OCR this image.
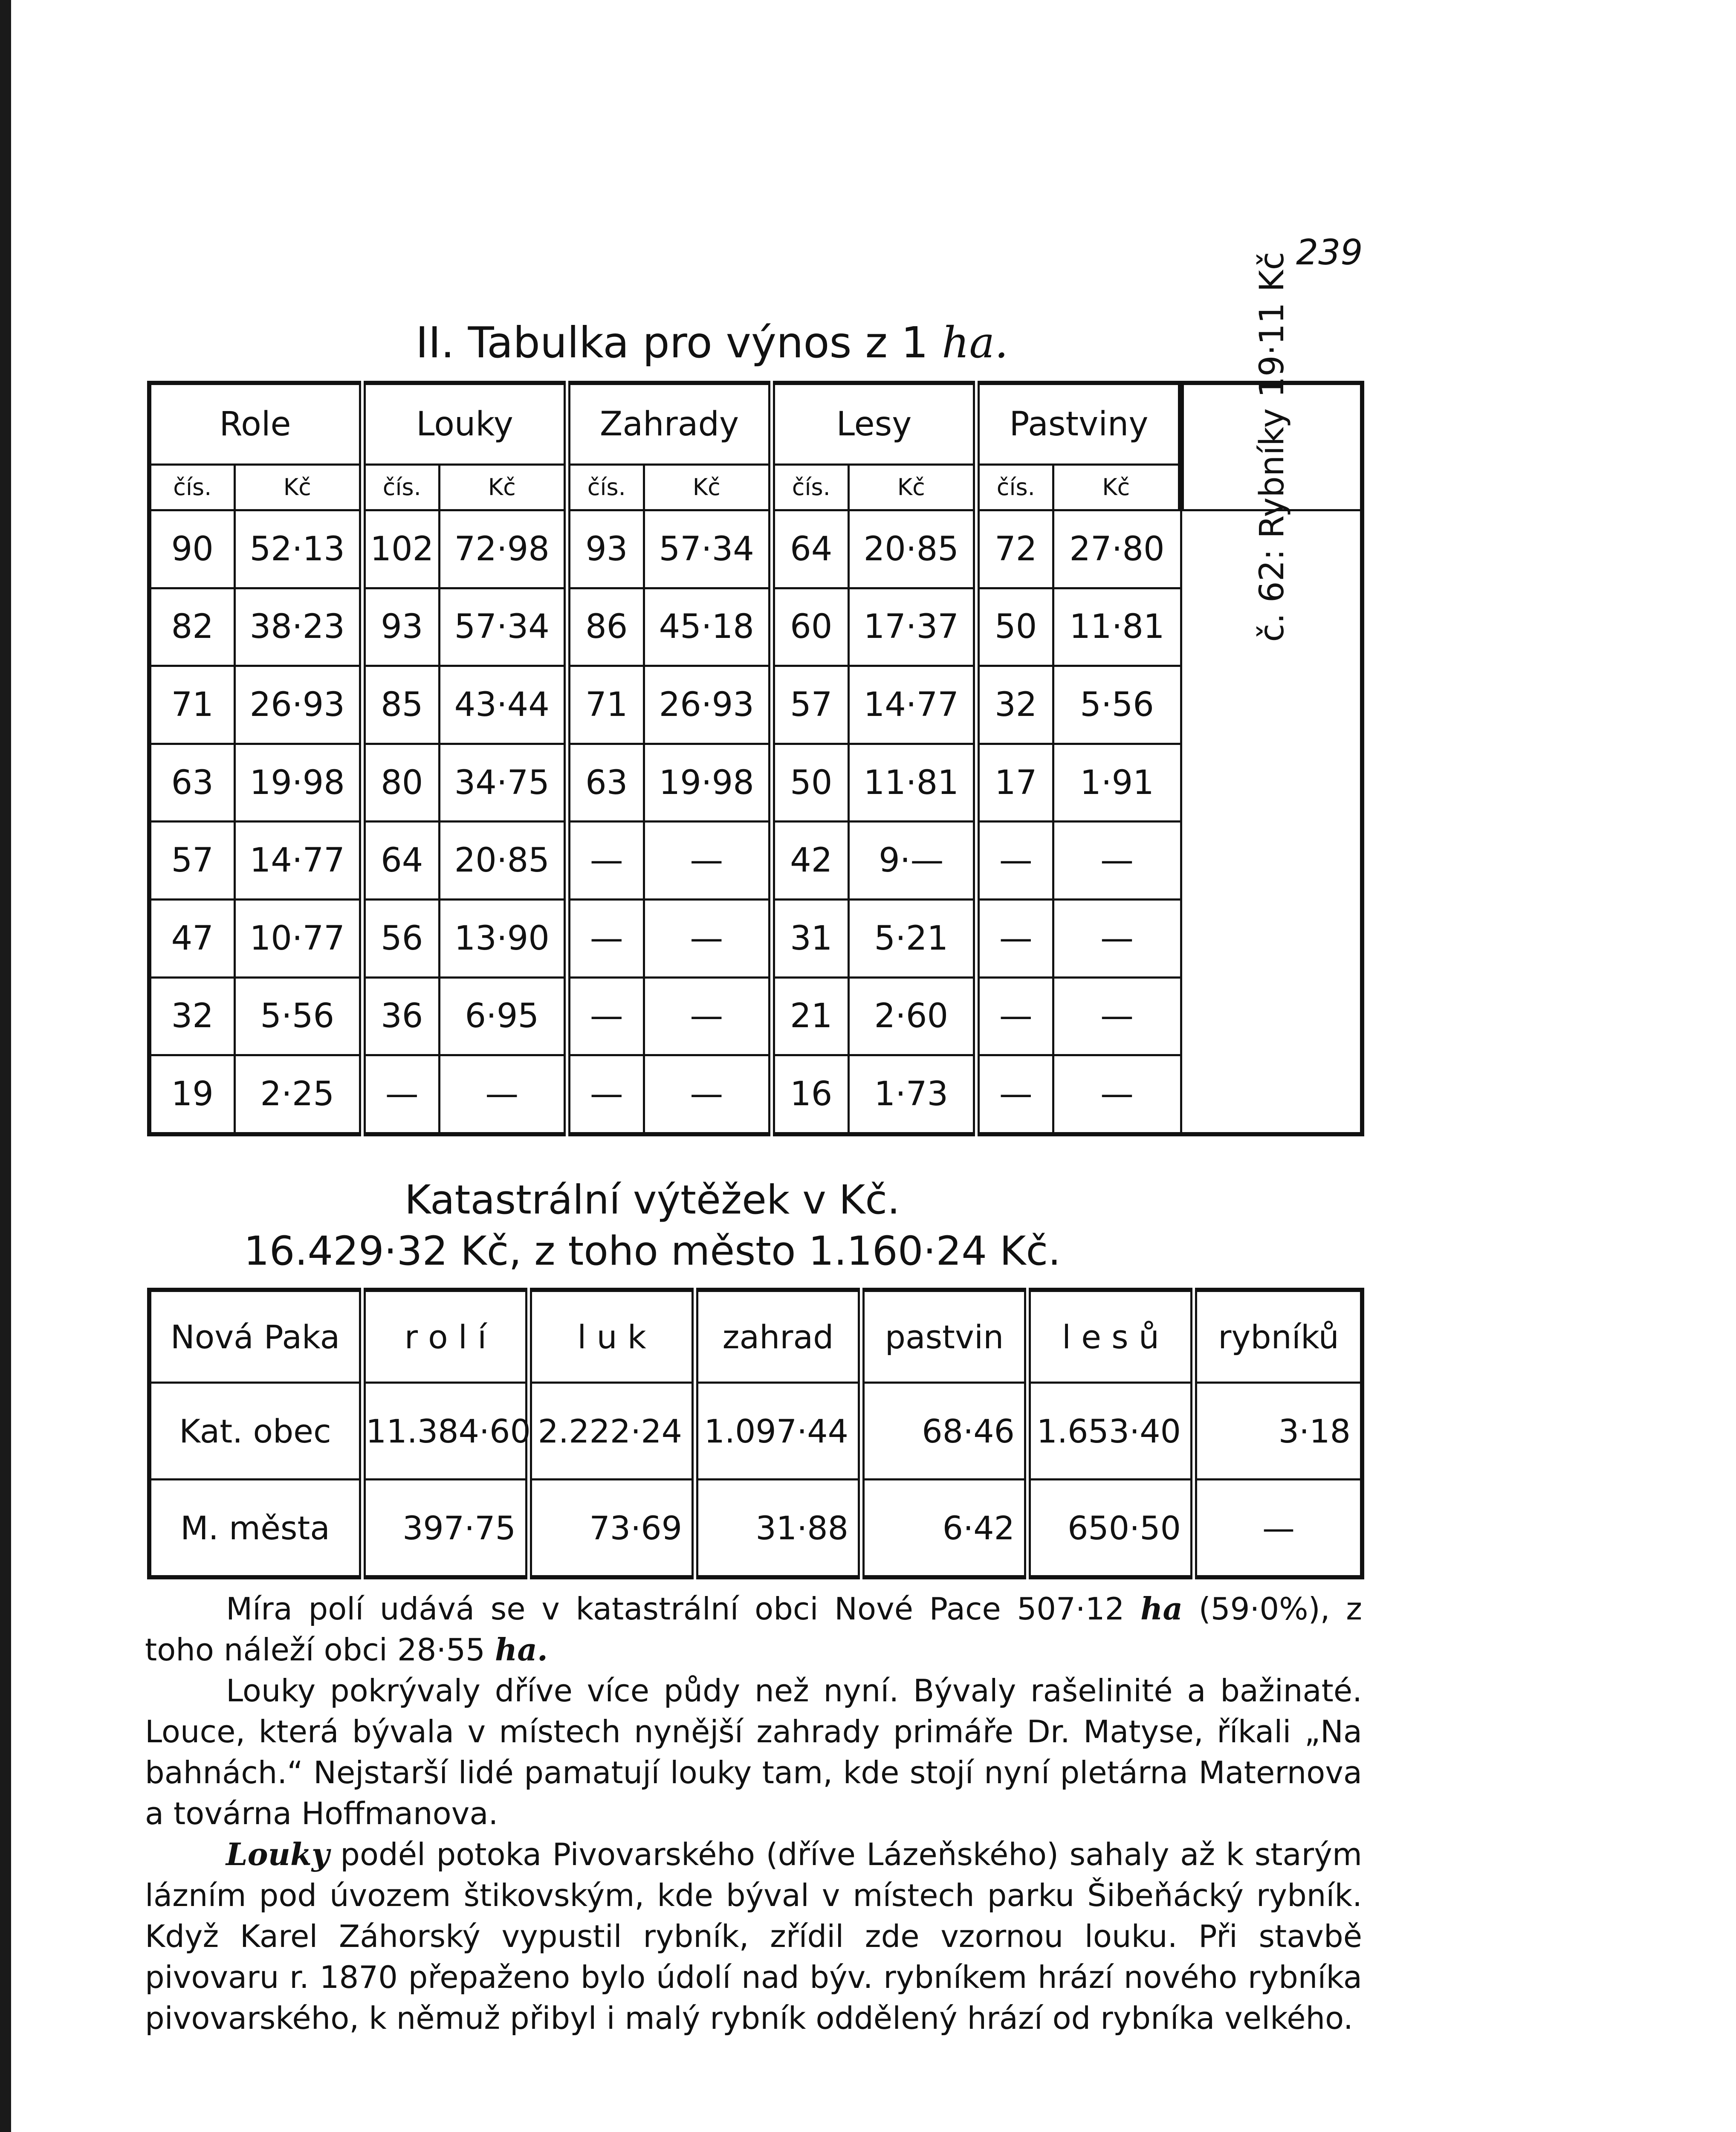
239
II. Tabulka pro výnos z 1 ha.
Role		Louky		Zahrady		Lesy		Pastviny		č. 62: Rybníky 19·11 Kč

čís.	Kč	čís.	Kč	čís.	Kč	čís.	Kč	čís.	Kč	
90	52·13	102	72·98	93	57·34	64	20·85	72	27·80	
82	38·23	93	57·34	86	45·18	60	17·37	50	11·81	
71	26·93	85	43·44	71	26·93	57	14·77	32	5·56	
63	19·98	80	34·75	63	19·98	50	11·81	17	1·91	
57	14·77	64	20·85	—	—	42	9·—	—	—	
47	10·77	56	13·90	—	—	31	5·21	—	—	
32	5·56	36	6·95	—	—	21	2·60	—	—	
19	2·25	—	—	—	—	16	1·73	—	—	
Katastrální výtěžek v Kč.
16.429·32 Kč, z toho město 1.160·24 Kč.
Nová Paka	r o l í	l u k	zahrad	pastvin	l e s ů	rybníků
Kat. obec	11.384·60	2.222·24	1.097·44	68·46	1.653·40	3·18
M. města	397·75	73·69	31·88	6·42	650·50	—

Míra polí udává se v katastrální obci Nové Pace 507·12 ha (59·0%), z toho náleží obci 28·55 ha.

Louky pokrývaly dříve více půdy než nyní. Bývaly rašelinité a bažinaté. Louce, která bývala v místech nynější zahrady primáře Dr. Matyse, říkali „Na bahnách.“ Nejstarší lidé pamatují louky tam, kde stojí nyní pletárna Maternova a továrna Hoffmanova.

Louky podél potoka Pivovarského (dříve Lázeňského) sahaly až k starým lázním pod úvozem štikovským, kde býval v místech parku Šibeňácký rybník. Když Karel Záhorský vypustil rybník, zřídil zde vzornou louku. Při stavbě pivovaru r. 1870 přepaženo bylo údolí nad býv. rybníkem hrází nového rybníka pivovarského, k němuž přibyl i malý rybník oddělený hrází od rybníka velkého.
